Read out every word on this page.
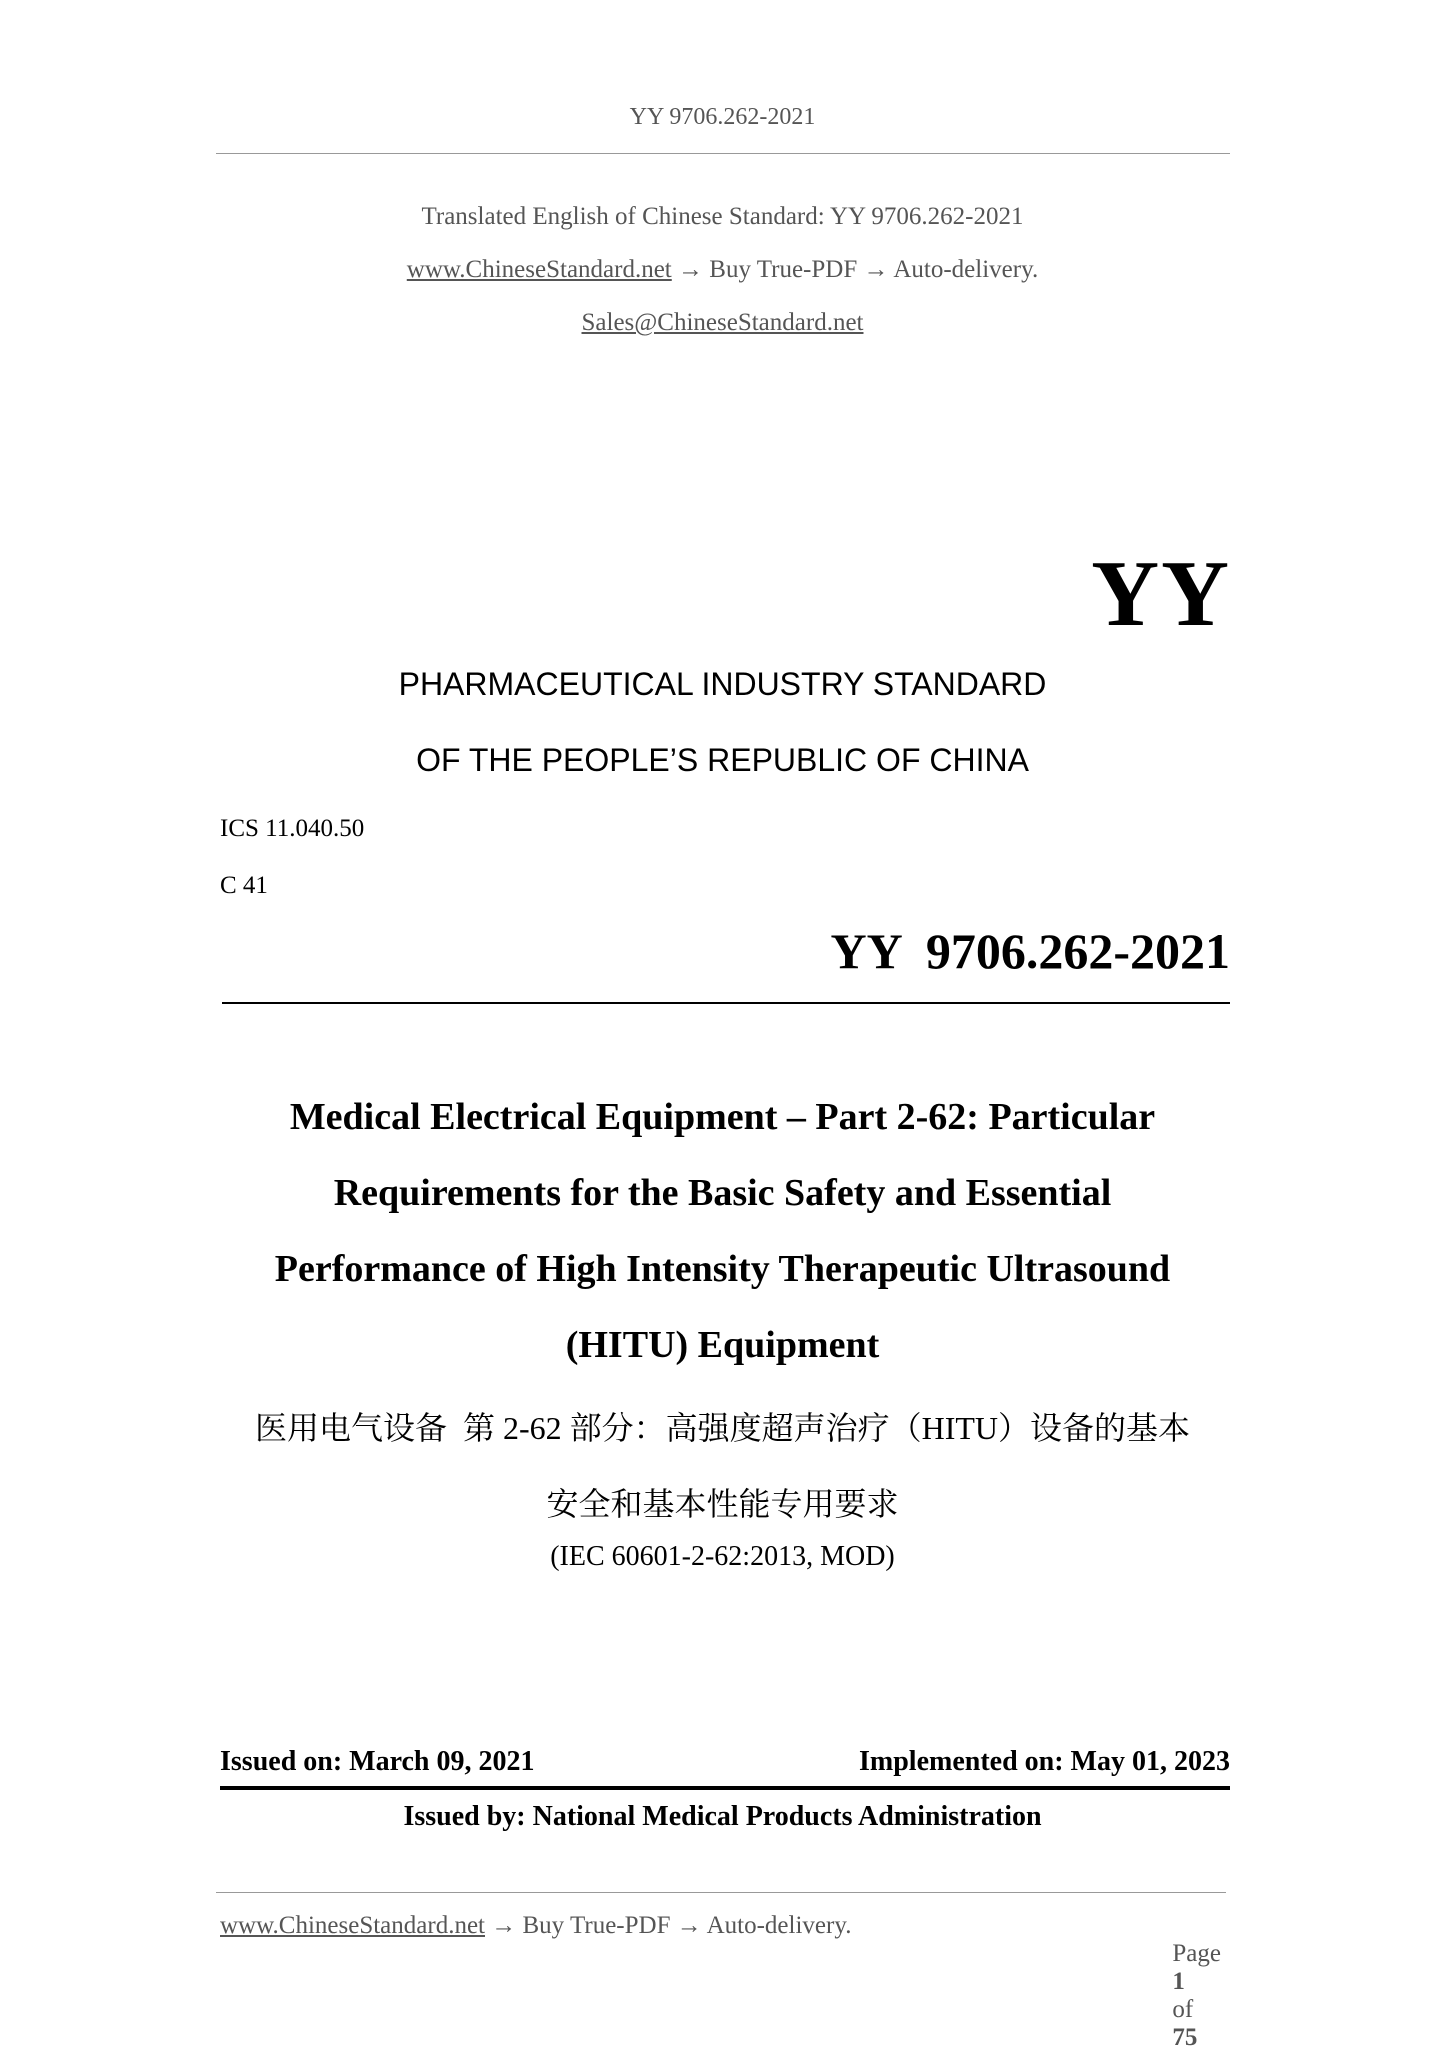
YY 9706.262-2021
Translated English of Chinese Standard: YY 9706.262-2021
www.ChineseStandard.net → Buy True-PDF → Auto-delivery.
Sales@ChineseStandard.net
YY
PHARMACEUTICAL INDUSTRY STANDARD
OF THE PEOPLE’S REPUBLIC OF CHINA
ICS 11.040.50
C 41
YY  9706.262-2021
Medical Electrical Equipment – Part 2-62: Particular
Requirements for the Basic Safety and Essential
Performance of High Intensity Therapeutic Ultrasound
(HITU) Equipment
医用电气设备  第 2-62 部分：高强度超声治疗（HITU）设备的基本
安全和基本性能专用要求
(IEC 60601-2-62:2013, MOD)
Issued on: March 09, 2021	Implemented on: May 01, 2023
Issued by: National Medical Products Administration
www.ChineseStandard.net → Buy True-PDF → Auto-delivery.

Page
1
of
75
